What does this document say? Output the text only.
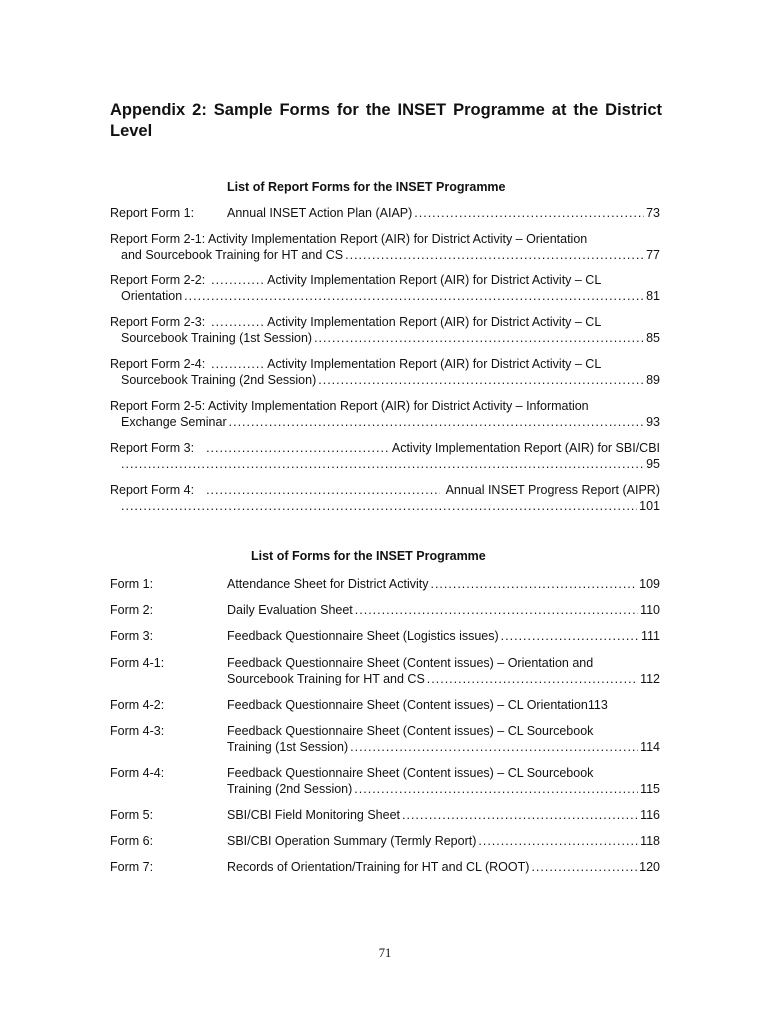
Appendix 2: Sample Forms for the INSET Programme at the District Level
List of Report Forms for the INSET Programme
Report Form 1:	Annual INSET Action Plan (AIAP) .....	73
Report Form 2-1: Activity Implementation Report (AIR) for District Activity – Orientation
and Sourcebook Training for HT and CS .....	77
Report Form 2-2: .....	Activity Implementation Report (AIR) for District Activity – CL
Orientation .....	81
Report Form 2-3: .....	Activity Implementation Report (AIR) for District Activity – CL
Sourcebook Training (1st Session) .....	85
Report Form 2-4: .....	Activity Implementation Report (AIR) for District Activity – CL
Sourcebook Training (2nd Session) .....	89
Report Form 2-5: Activity Implementation Report (AIR) for District Activity – Information
Exchange Seminar .....	93
Report Form 3: .....	Activity Implementation Report (AIR) for SBI/CBI
.....
95
Report Form 4: .....	Annual INSET Progress Report (AIPR)
.....
101
List of Forms for the INSET Programme
Form 1:	Attendance Sheet for District Activity .....	109
Form 2:	Daily Evaluation Sheet .....	110
Form 3:	Feedback Questionnaire Sheet (Logistics issues) .....	111
Form 4-1:	Feedback Questionnaire Sheet (Content issues) – Orientation and
Sourcebook Training for HT and CS .....	112
Form 4-2:	Feedback Questionnaire Sheet (Content issues) – CL Orientation113
Form 4-3:	Feedback Questionnaire Sheet (Content issues) – CL Sourcebook
Training (1st Session) .....	114
Form 4-4:	Feedback Questionnaire Sheet (Content issues) – CL Sourcebook
Training (2nd Session) .....	115
Form 5:	SBI/CBI Field Monitoring Sheet .....	116
Form 6:	SBI/CBI Operation Summary (Termly Report) .....	118
Form 7:	Records of Orientation/Training for HT and CL (ROOT) .....	120
71
